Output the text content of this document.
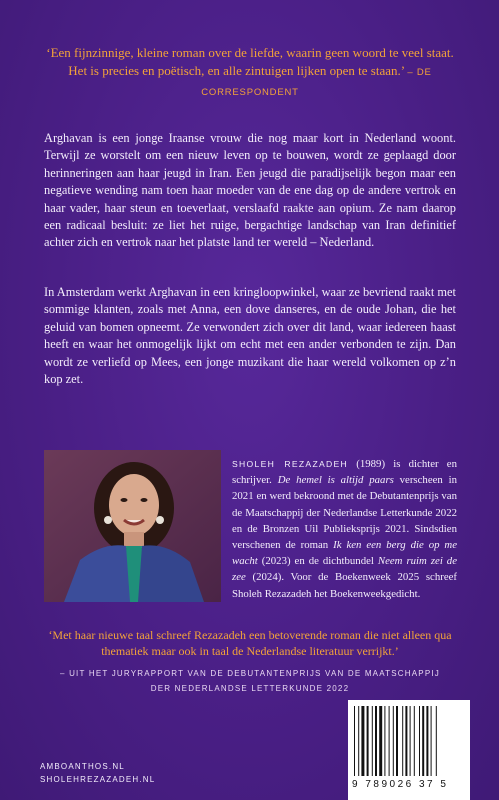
‘Een fijnzinnige, kleine roman over de liefde, waarin geen woord te veel staat. Het is precies en poëtisch, en alle zintuigen lijken open te staan.’ – DE CORRESPONDENT
Arghavan is een jonge Iraanse vrouw die nog maar kort in Nederland woont. Terwijl ze worstelt om een nieuw leven op te bouwen, wordt ze geplaagd door herinneringen aan haar jeugd in Iran. Een jeugd die paradijselijk begon maar een negatieve wending nam toen haar moeder van de ene dag op de andere vertrok en haar vader, haar steun en toeverlaat, verslaafd raakte aan opium. Ze nam daarop een radicaal besluit: ze liet het ruige, bergachtige landschap van Iran definitief achter zich en vertrok naar het platste land ter wereld – Nederland.
In Amsterdam werkt Arghavan in een kringloopwinkel, waar ze bevriend raakt met sommige klanten, zoals met Anna, een dove danseres, en de oude Johan, die het geluid van bomen opneemt. Ze verwondert zich over dit land, waar iedereen haast heeft en waar het onmogelijk lijkt om echt met een ander verbonden te zijn. Dan wordt ze verliefd op Mees, een jonge muzikant die haar wereld volkomen op z’n kop zet.
SHOLEH REZAZADEH (1989) is dichter en schrijver. De hemel is altijd paars verscheen in 2021 en werd bekroond met de Debutantenprijs van de Maatschappij der Nederlandse Letterkunde 2022 en de Bronzen Uil Publieksprijs 2021. Sindsdien verschenen de roman Ik ken een berg die op me wacht (2023) en de dichtbundel Neem ruim zei de zee (2024). Voor de Boekenweek 2025 schreef Sholeh Rezazadeh het Boekenweekgedicht.
‘Met haar nieuwe taal schreef Rezazadeh een betoverende roman die niet alleen qua thematiek maar ook in taal de Nederlandse literatuur verrijkt.’
– UIT HET JURYRAPPORT VAN DE DEBUTANTENPRIJS VAN DE MAATSCHAPPIJ
DER NEDERLANDSE LETTERKUNDE 2022
AMBOANTHOS.NL
SHOLEHREZAZADEH.NL	9 789026 37 5
